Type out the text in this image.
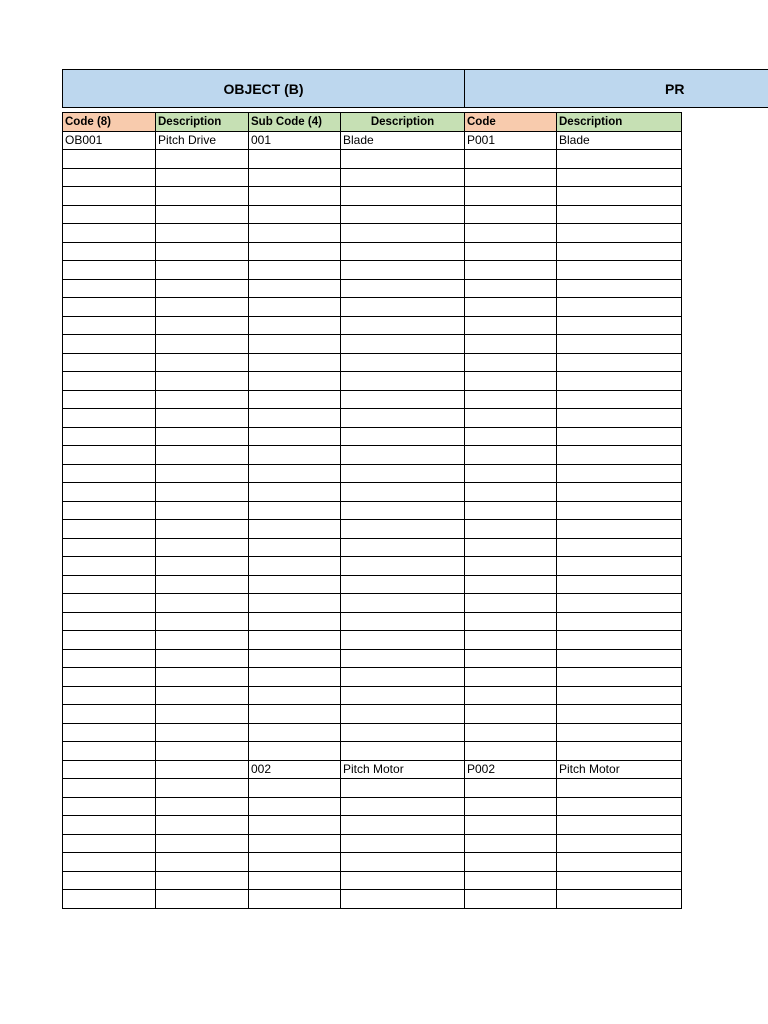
OBJECT (B)	PR
Code (8)	Description	Sub Code (4)	Description	Code	Description
OB001	Pitch Drive	001	Blade	P001	Blade

		002	Pitch Motor	P002	Pitch Motor
